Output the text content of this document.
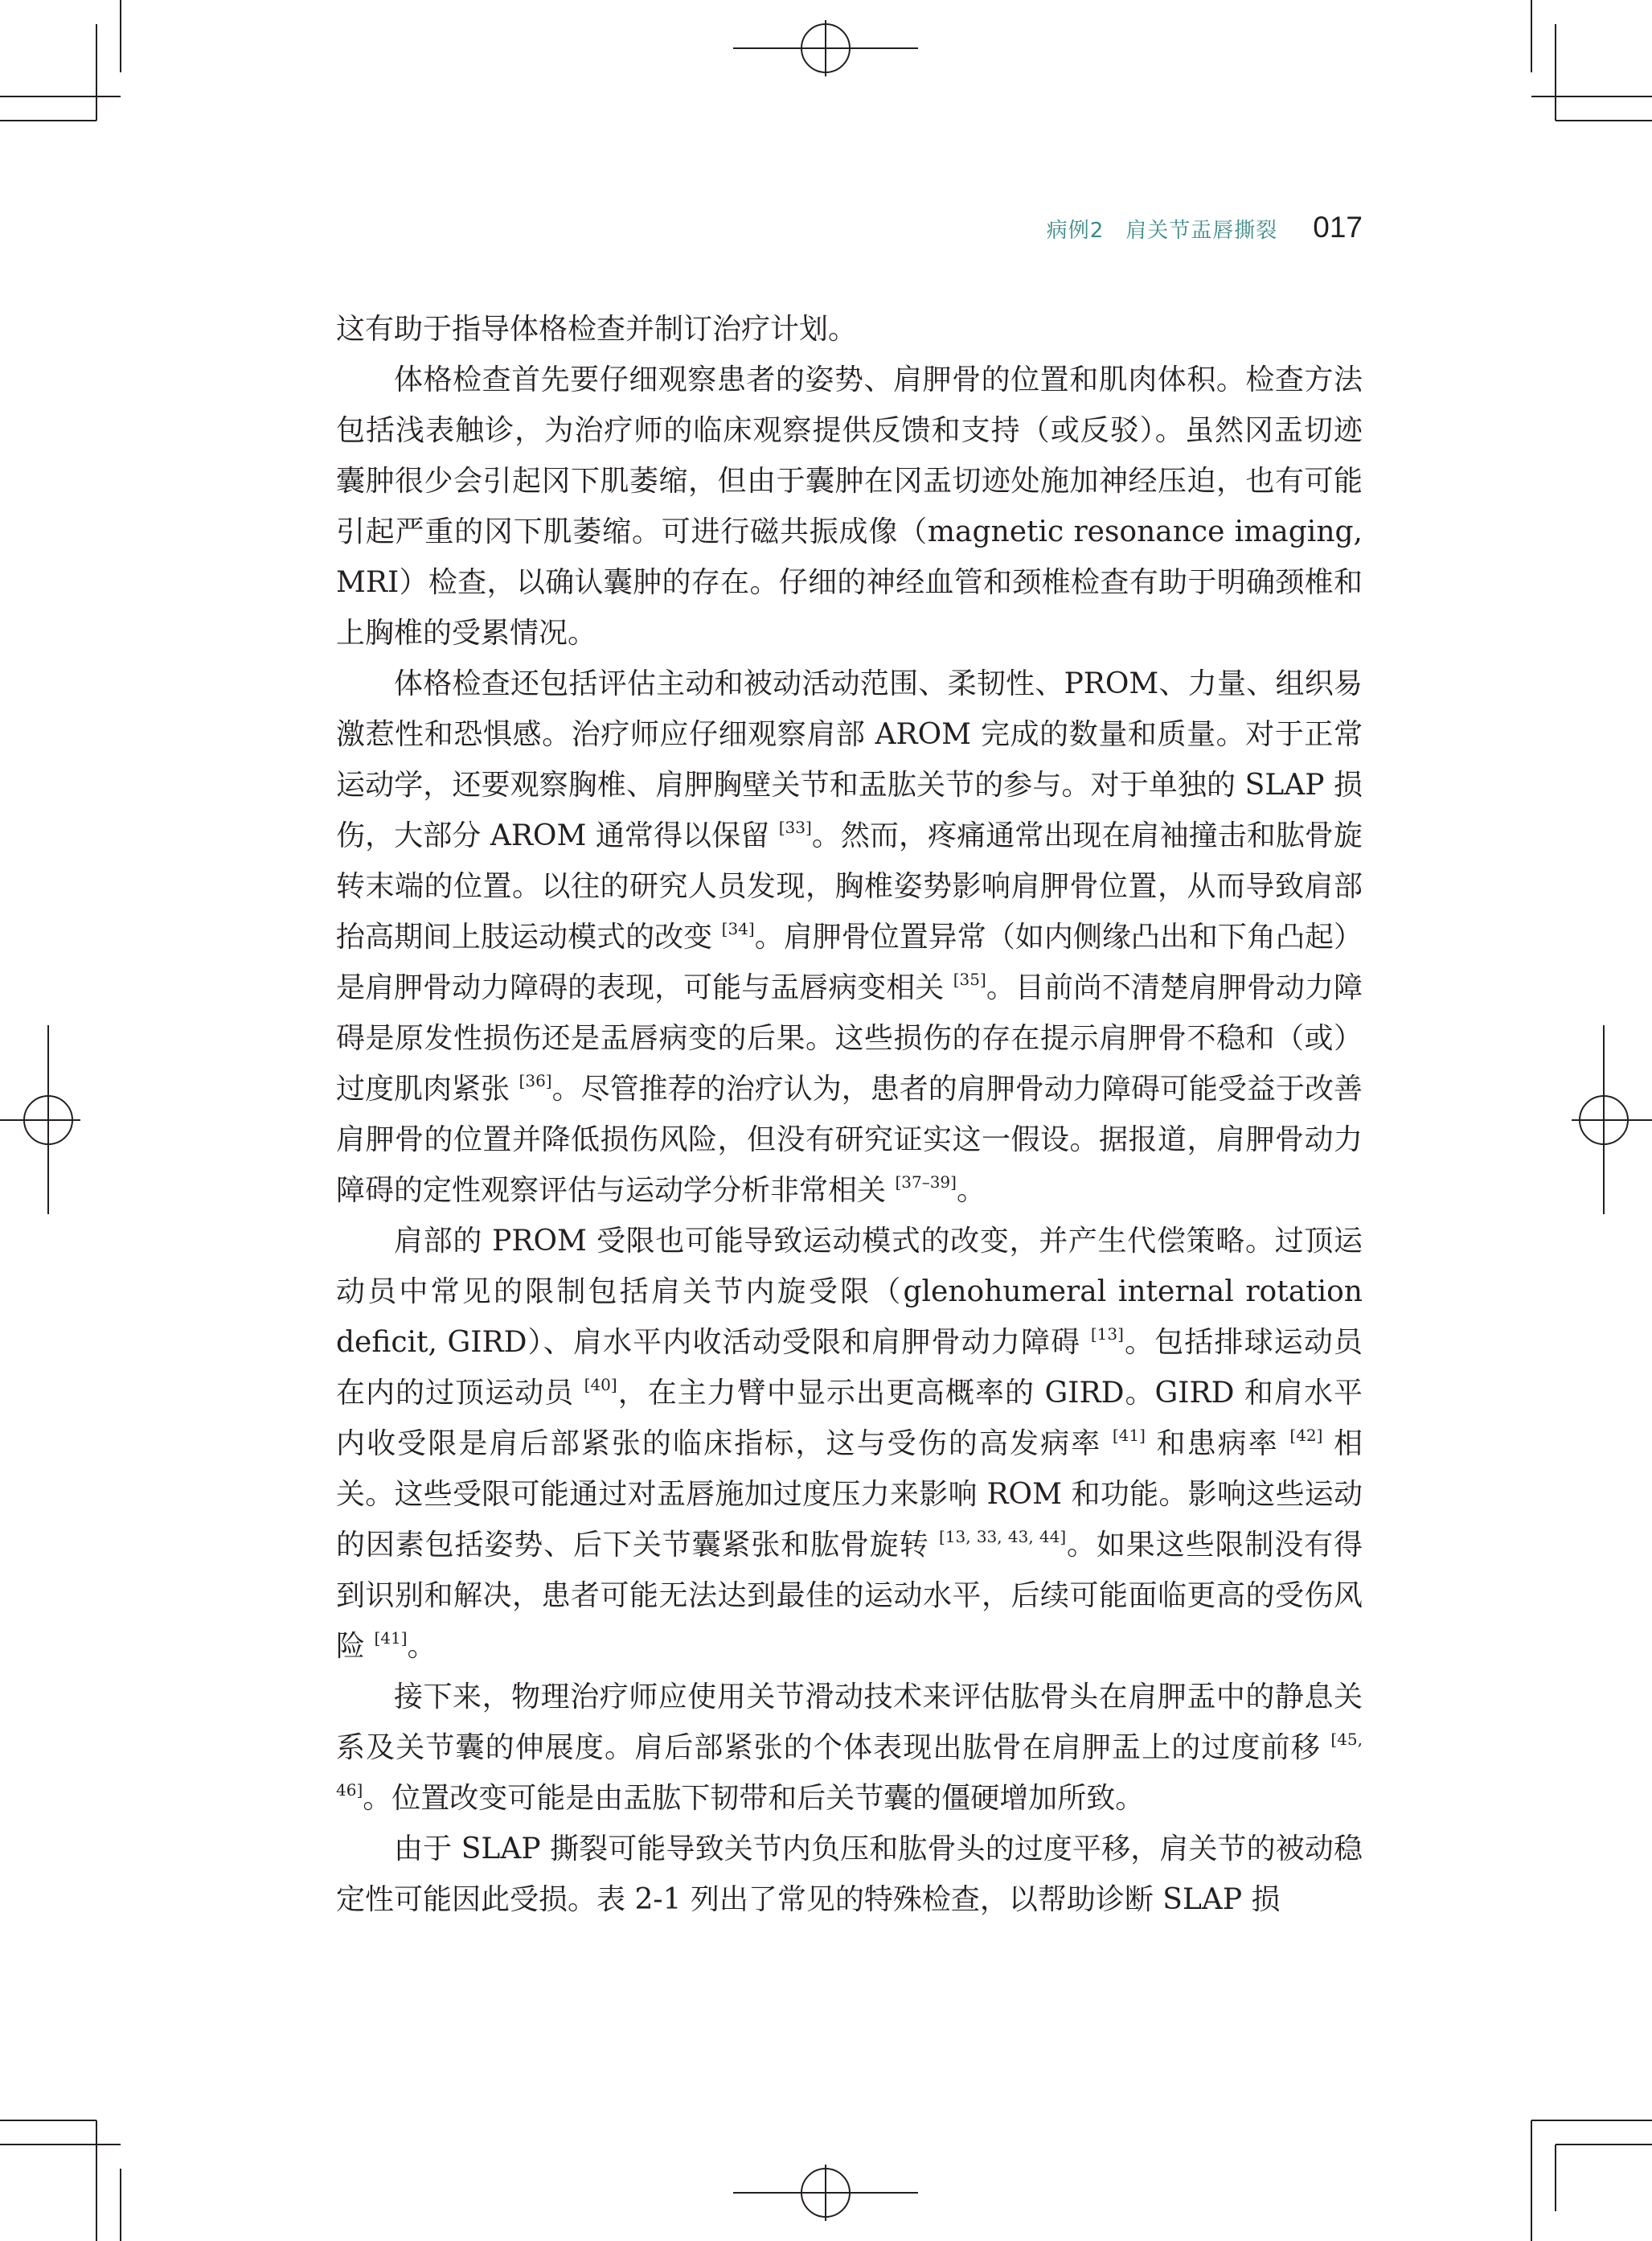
病例2　肩关节盂唇撕裂 017

这有助于指导体格检查并制订治疗计划。

体格检查首先要仔细观察患者的姿势、肩胛骨的位置和肌肉体积。检查方法包括浅表触诊，为治疗师的临床观察提供反馈和支持（或反驳）。虽然冈盂切迹囊肿很少会引起冈下肌萎缩，但由于囊肿在冈盂切迹处施加神经压迫，也有可能引起严重的冈下肌萎缩。可进行磁共振成像（magnetic resonance imaging, MRI）检查，以确认囊肿的存在。仔细的神经血管和颈椎检查有助于明确颈椎和上胸椎的受累情况。

体格检查还包括评估主动和被动活动范围、柔韧性、PROM、力量、组织易激惹性和恐惧感。治疗师应仔细观察肩部 AROM 完成的数量和质量。对于正常运动学，还要观察胸椎、肩胛胸壁关节和盂肱关节的参与。对于单独的 SLAP 损伤，大部分 AROM 通常得以保留 [33]。然而，疼痛通常出现在肩袖撞击和肱骨旋转末端的位置。以往的研究人员发现，胸椎姿势影响肩胛骨位置，从而导致肩部抬高期间上肢运动模式的改变 [34]。肩胛骨位置异常（如内侧缘凸出和下角凸起）是肩胛骨动力障碍的表现，可能与盂唇病变相关 [35]。目前尚不清楚肩胛骨动力障碍是原发性损伤还是盂唇病变的后果。这些损伤的存在提示肩胛骨不稳和（或）过度肌肉紧张 [36]。尽管推荐的治疗认为，患者的肩胛骨动力障碍可能受益于改善肩胛骨的位置并降低损伤风险，但没有研究证实这一假设。据报道，肩胛骨动力障碍的定性观察评估与运动学分析非常相关 [37–39]。

肩部的 PROM 受限也可能导致运动模式的改变，并产生代偿策略。过顶运动员中常见的限制包括肩关节内旋受限（glenohumeral internal rotation deficit, GIRD）、肩水平内收活动受限和肩胛骨动力障碍 [13]。包括排球运动员在内的过顶运动员 [40]，在主力臂中显示出更高概率的 GIRD。GIRD 和肩水平内收受限是肩后部紧张的临床指标，这与受伤的高发病率 [41] 和患病率 [42] 相关。这些受限可能通过对盂唇施加过度压力来影响 ROM 和功能。影响这些运动的因素包括姿势、后下关节囊紧张和肱骨旋转 [13, 33, 43, 44]。如果这些限制没有得到识别和解决，患者可能无法达到最佳的运动水平，后续可能面临更高的受伤风险 [41]。

接下来，物理治疗师应使用关节滑动技术来评估肱骨头在肩胛盂中的静息关系及关节囊的伸展度。肩后部紧张的个体表现出肱骨在肩胛盂上的过度前移 [45, 46]。位置改变可能是由盂肱下韧带和后关节囊的僵硬增加所致。

由于 SLAP 撕裂可能导致关节内负压和肱骨头的过度平移，肩关节的被动稳定性可能因此受损。表 2-1 列出了常见的特殊检查，以帮助诊断 SLAP 损
